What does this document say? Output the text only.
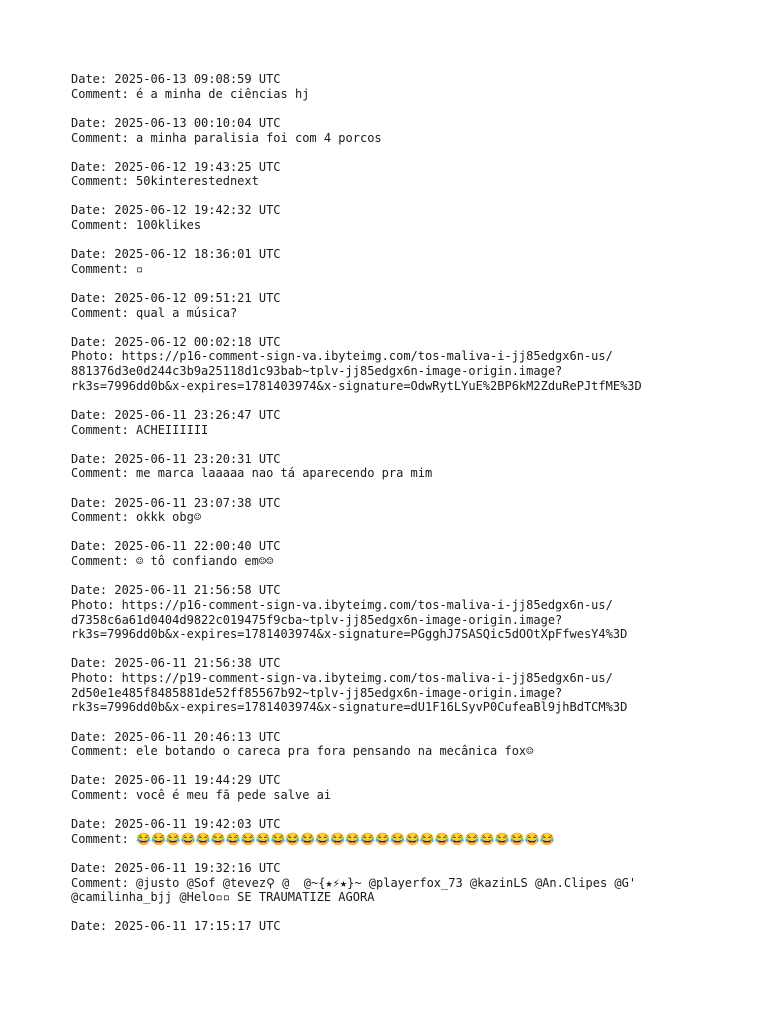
Date: 2025-06-13 09:08:59 UTC
Comment: é a minha de ciências hj
Date: 2025-06-13 00:10:04 UTC
Comment: a minha paralisia foi com 4 porcos
Date: 2025-06-12 19:43:25 UTC
Comment: 50kinterestednext
Date: 2025-06-12 19:42:32 UTC
Comment: 100klikes
Date: 2025-06-12 18:36:01 UTC
Comment: ▫
Date: 2025-06-12 09:51:21 UTC
Comment: qual a música?
Date: 2025-06-12 00:02:18 UTC
Photo: https://p16-comment-sign-va.ibyteimg.com/tos-maliva-i-jj85edgx6n-us/
881376d3e0d244c3b9a25118d1c93bab~tplv-jj85edgx6n-image-origin.image?
rk3s=7996dd0b&x-expires=1781403974&x-signature=OdwRytLYuE%2BP6kM2ZduRePJtfME%3D
Date: 2025-06-11 23:26:47 UTC
Comment: ACHEIIIIII
Date: 2025-06-11 23:20:31 UTC
Comment: me marca laaaaa nao tá aparecendo pra mim
Date: 2025-06-11 23:07:38 UTC
Comment: okkk obg☺
Date: 2025-06-11 22:00:40 UTC
Comment: ☺ tô confiando em☺☺
Date: 2025-06-11 21:56:58 UTC
Photo: https://p16-comment-sign-va.ibyteimg.com/tos-maliva-i-jj85edgx6n-us/
d7358c6a61d0404d9822c019475f9cba~tplv-jj85edgx6n-image-origin.image?
rk3s=7996dd0b&x-expires=1781403974&x-signature=PGgghJ7SASQic5dOOtXpFfwesY4%3D
Date: 2025-06-11 21:56:38 UTC
Photo: https://p19-comment-sign-va.ibyteimg.com/tos-maliva-i-jj85edgx6n-us/
2d50e1e485f8485881de52ff85567b92~tplv-jj85edgx6n-image-origin.image?
rk3s=7996dd0b&x-expires=1781403974&x-signature=dU1F16LSyvP0CufeaBl9jhBdTCM%3D
Date: 2025-06-11 20:46:13 UTC
Comment: ele botando o careca pra fora pensando na mecânica fox☺
Date: 2025-06-11 19:44:29 UTC
Comment: você é meu fã pede salve ai
Date: 2025-06-11 19:42:03 UTC
Comment: 😂😂😂😂😂😂😂😂😂😂😂😂😂😂😂😂😂😂😂😂😂😂😂😂😂😂😂😂
Date: 2025-06-11 19:32:16 UTC
Comment: @justo @Sof @tevez⚲ @  @~{★⚡★}~ @playerfox_73 @kazinLS @An.Clipes @G'
@camilinha_bjj @Helo▫▫ SE TRAUMATIZE AGORA
Date: 2025-06-11 17:15:17 UTC
